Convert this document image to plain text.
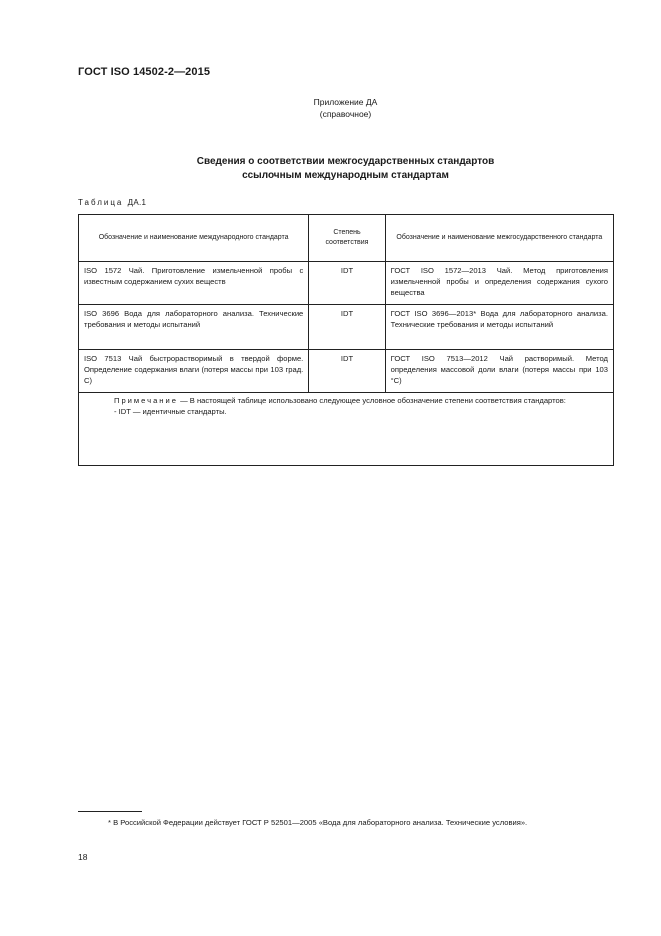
ГОСТ ISO 14502-2—2015
Приложение ДА
(справочное)
Сведения о соответствии межгосударственных стандартов
ссылочным международным стандартам
Таблица ДА.1
Обозначение и наименование международного стандарта	Степень соответствия	Обозначение и наименование межгосударственного стандарта
ISO 1572 Чай. Приготовление измельченной пробы с известным содержанием сухих веществ	IDT	ГОСТ ISO 1572—2013 Чай. Метод приготовления измельченной пробы и определения содержания сухого вещества
ISO 3696 Вода для лабораторного анализа. Технические требования и методы испытаний	IDT	ГОСТ ISO 3696—2013* Вода для лабораторного анализа. Технические требования и методы испытаний
ISO 7513 Чай быстрорастворимый в твердой форме. Определение содержания влаги (потеря массы при 103 град. С)	IDT	ГОСТ ISO 7513—2012 Чай растворимый. Метод определения массовой доли влаги (потеря массы при 103 °С)

Примечание — В настоящей таблице использовано следующее условное обозначение степени соответствия стандартов:
- IDT — идентичные стандарты.		
* В Российской Федерации действует ГОСТ Р 52501—2005 «Вода для лабораторного анализа. Технические условия».
18
